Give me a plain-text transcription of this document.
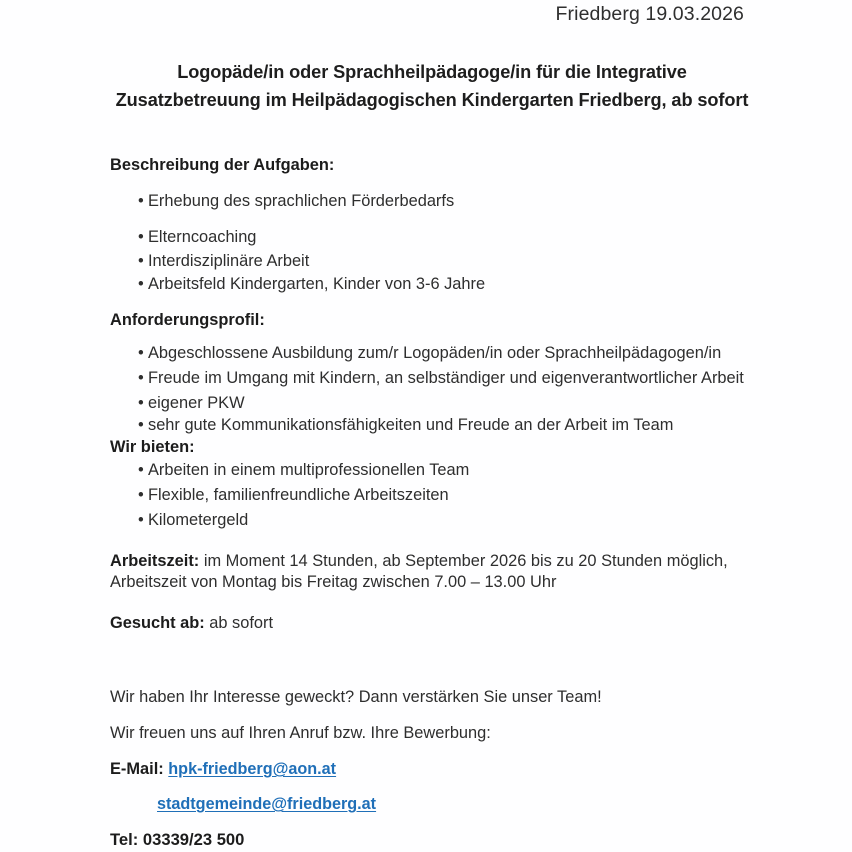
Friedberg 19.03.2026
Logopäde/in oder Sprachheilpädagoge/in für die Integrative
Zusatzbetreuung im Heilpädagogischen Kindergarten Friedberg, ab sofort
Beschreibung der Aufgaben:
• Erhebung des sprachlichen Förderbedarfs
• Elterncoaching
• Interdisziplinäre Arbeit
• Arbeitsfeld Kindergarten, Kinder von 3-6 Jahre
Anforderungsprofil:
• Abgeschlossene Ausbildung zum/r Logopäden/in oder Sprachheilpädagogen/in
• Freude im Umgang mit Kindern, an selbständiger und eigenverantwortlicher Arbeit
• eigener PKW
• sehr gute Kommunikationsfähigkeiten und Freude an der Arbeit im Team
Wir bieten:
• Arbeiten in einem multiprofessionellen Team
• Flexible, familienfreundliche Arbeitszeiten
• Kilometergeld
Arbeitszeit: im Moment 14 Stunden, ab September 2026 bis zu 20 Stunden möglich,
Arbeitszeit von Montag bis Freitag zwischen 7.00 – 13.00 Uhr
Gesucht ab: ab sofort
Wir haben Ihr Interesse geweckt? Dann verstärken Sie unser Team!
Wir freuen uns auf Ihren Anruf bzw. Ihre Bewerbung:
E-Mail: hpk-friedberg@aon.at
stadtgemeinde@friedberg.at
Tel: 03339/23 500
